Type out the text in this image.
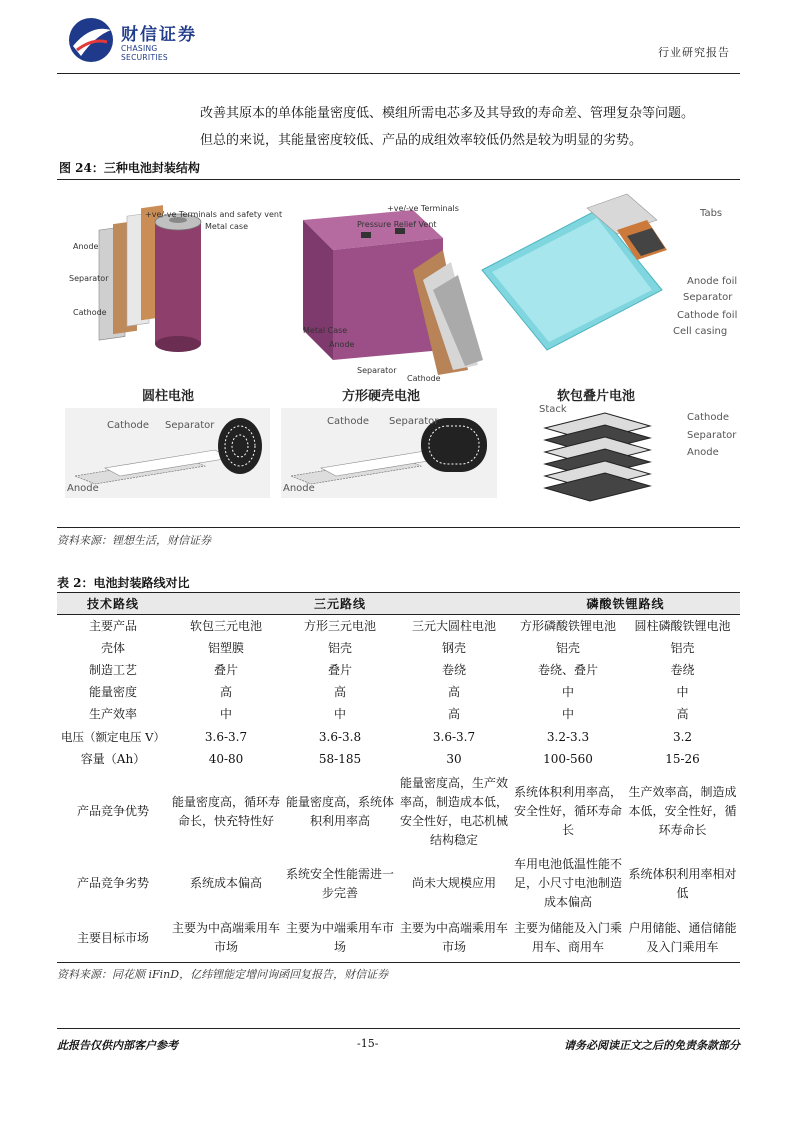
财信证券
CHASING SECURITIES	行业研究报告
改善其原本的单体能量密度低、模组所需电芯多及其导致的寿命差、管理复杂等问题。
但总的来说，其能量密度较低、产品的成组效率较低仍然是较为明显的劣势。
图 24：三种电池封装结构
+ve/-ve Terminals and safety vent
Metal case
Anode
Separator
Cathode
圆柱电池
+ve/-ve Terminals
Pressure Relief Vent
Metal Case
Anode
Separator
Cathode
方形硬壳电池
Tabs
Anode foil
Separator
Cathode foil
Cell casing
软包叠片电池
Cathode Separator
Anode
Cathode Separator
Anode
Stack
Cathode
Separator
Anode
资料来源：锂想生活，财信证券
表 2：电池封装路线对比
技术路线	三元路线			磷酸铁锂路线	
主要产品	软包三元电池	方形三元电池	三元大圆柱电池	方形磷酸铁锂电池	圆柱磷酸铁锂电池
壳体	铝塑膜	铝壳	钢壳	铝壳	铝壳
制造工艺	叠片	叠片	卷绕	卷绕、叠片	卷绕
能量密度	高	高	高	中	中
生产效率	中	中	高	中	高
电压（额定电压 V）	3.6-3.7	3.6-3.8	3.6-3.7	3.2-3.3	3.2
容量（Ah）	40-80	58-185	30	100-560	15-26
产品竞争优势	能量密度高，循环寿命长，快充特性好	能量密度高，系统体积利用率高	能量密度高，生产效率高，制造成本低，安全性好，电芯机械结构稳定	系统体积利用率高，安全性好，循环寿命长	生产效率高，制造成本低，安全性好，循环寿命长
产品竞争劣势	系统成本偏高	系统安全性能需进一步完善	尚未大规模应用	车用电池低温性能不足，小尺寸电池制造成本偏高	系统体积利用率相对低
主要目标市场	主要为中高端乘用车市场	主要为中端乘用车市场	主要为中高端乘用车市场	主要为储能及入门乘用车、商用车	户用储能、通信储能及入门乘用车
资料来源：同花顺 iFinD，亿纬锂能定增问询函回复报告，财信证券
此报告仅供内部客户参考	-15-	请务必阅读正文之后的免责条款部分
